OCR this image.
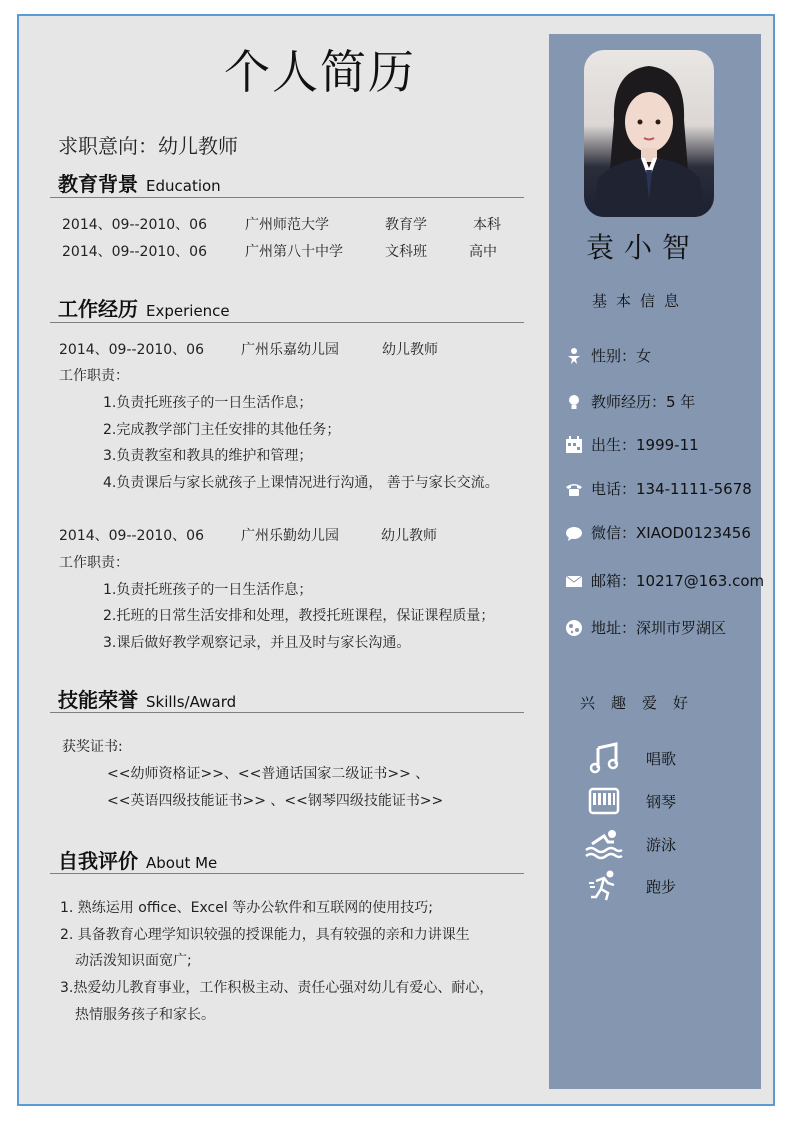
个人简历
求职意向：幼儿教师
教育背景 Education
2014、09--2010、06	广州师范大学	教育学	本科
2014、09--2010、06	广州第八十中学	文科班	高中
工作经历 Experience
2014、09--2010、06	广州乐嘉幼儿园	幼儿教师
工作职责：
1.负责托班孩子的一日生活作息；
2.完成教学部门主任安排的其他任务；
3.负责教室和教具的维护和管理；
4.负责课后与家长就孩子上课情况进行沟通， 善于与家长交流。
2014、09--2010、06	广州乐勤幼儿园	幼儿教师
工作职责：
1.负责托班孩子的一日生活作息；
2.托班的日常生活安排和处理，教授托班课程，保证课程质量；
3.课后做好教学观察记录，并且及时与家长沟通。
技能荣誉 Skills/Award
获奖证书:
<<幼师资格证>>、<<普通话国家二级证书>> 、
<<英语四级技能证书>> 、<<钢琴四级技能证书>>
自我评价 About Me
1. 熟练运用 office、Excel 等办公软件和互联网的使用技巧;
2. 具备教育心理学知识较强的授课能力，具有较强的亲和力讲课生
动活泼知识面宽广;
3.热爱幼儿教育事业，工作积极主动、责任心强对幼儿有爱心、耐心，
热情服务孩子和家长。
袁小智
基本信息
性别：女
教师经历：5 年
出生：1999-11
电话：134-1111-5678
微信：XIAOD0123456
邮箱：10217@163.com
地址：深圳市罗湖区
兴趣爱好
唱歌
钢琴
游泳
跑步
